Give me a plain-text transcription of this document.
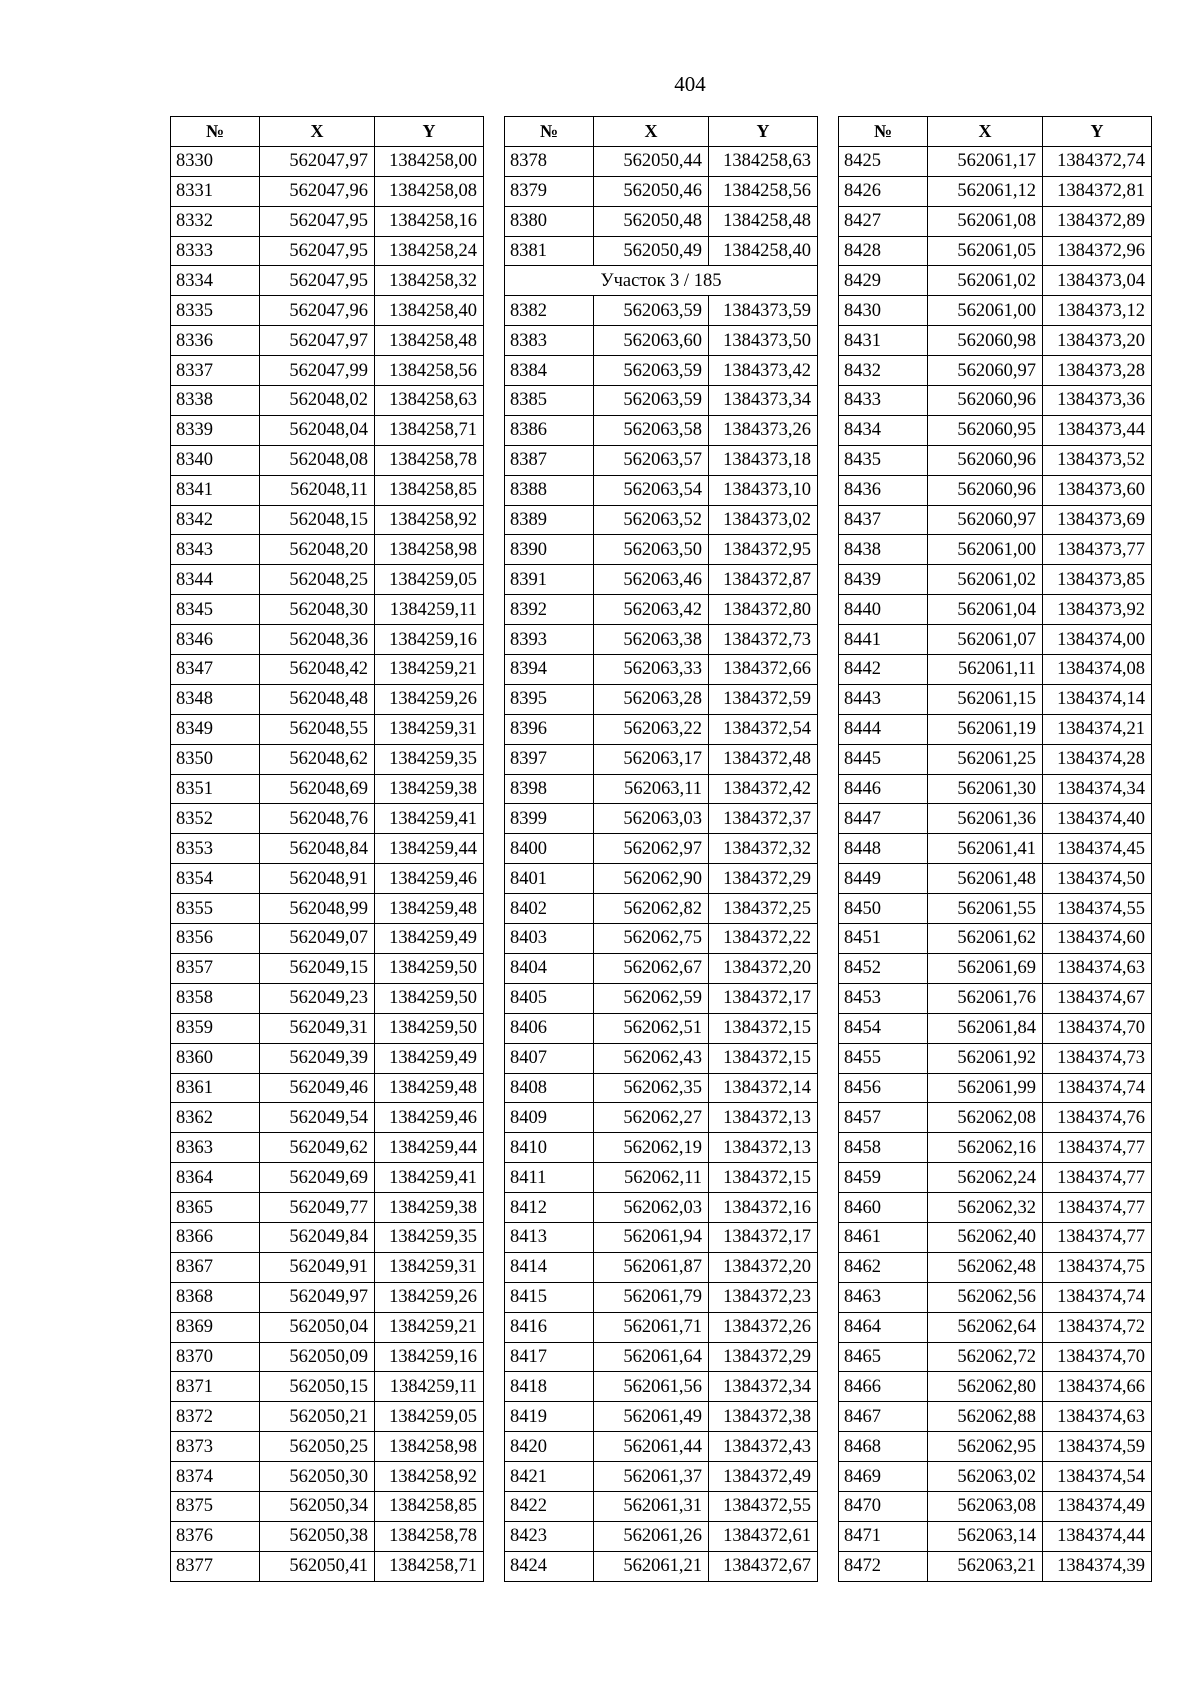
404
№	X	Y
8330	562047,97	1384258,00
8331	562047,96	1384258,08
8332	562047,95	1384258,16
8333	562047,95	1384258,24
8334	562047,95	1384258,32
8335	562047,96	1384258,40
8336	562047,97	1384258,48
8337	562047,99	1384258,56
8338	562048,02	1384258,63
8339	562048,04	1384258,71
8340	562048,08	1384258,78
8341	562048,11	1384258,85
8342	562048,15	1384258,92
8343	562048,20	1384258,98
8344	562048,25	1384259,05
8345	562048,30	1384259,11
8346	562048,36	1384259,16
8347	562048,42	1384259,21
8348	562048,48	1384259,26
8349	562048,55	1384259,31
8350	562048,62	1384259,35
8351	562048,69	1384259,38
8352	562048,76	1384259,41
8353	562048,84	1384259,44
8354	562048,91	1384259,46
8355	562048,99	1384259,48
8356	562049,07	1384259,49
8357	562049,15	1384259,50
8358	562049,23	1384259,50
8359	562049,31	1384259,50
8360	562049,39	1384259,49
8361	562049,46	1384259,48
8362	562049,54	1384259,46
8363	562049,62	1384259,44
8364	562049,69	1384259,41
8365	562049,77	1384259,38
8366	562049,84	1384259,35
8367	562049,91	1384259,31
8368	562049,97	1384259,26
8369	562050,04	1384259,21
8370	562050,09	1384259,16
8371	562050,15	1384259,11
8372	562050,21	1384259,05
8373	562050,25	1384258,98
8374	562050,30	1384258,92
8375	562050,34	1384258,85
8376	562050,38	1384258,78
8377	562050,41	1384258,71
№	X	Y
8378	562050,44	1384258,63
8379	562050,46	1384258,56
8380	562050,48	1384258,48
8381	562050,49	1384258,40
Участок 3 / 185		
8382	562063,59	1384373,59
8383	562063,60	1384373,50
8384	562063,59	1384373,42
8385	562063,59	1384373,34
8386	562063,58	1384373,26
8387	562063,57	1384373,18
8388	562063,54	1384373,10
8389	562063,52	1384373,02
8390	562063,50	1384372,95
8391	562063,46	1384372,87
8392	562063,42	1384372,80
8393	562063,38	1384372,73
8394	562063,33	1384372,66
8395	562063,28	1384372,59
8396	562063,22	1384372,54
8397	562063,17	1384372,48
8398	562063,11	1384372,42
8399	562063,03	1384372,37
8400	562062,97	1384372,32
8401	562062,90	1384372,29
8402	562062,82	1384372,25
8403	562062,75	1384372,22
8404	562062,67	1384372,20
8405	562062,59	1384372,17
8406	562062,51	1384372,15
8407	562062,43	1384372,15
8408	562062,35	1384372,14
8409	562062,27	1384372,13
8410	562062,19	1384372,13
8411	562062,11	1384372,15
8412	562062,03	1384372,16
8413	562061,94	1384372,17
8414	562061,87	1384372,20
8415	562061,79	1384372,23
8416	562061,71	1384372,26
8417	562061,64	1384372,29
8418	562061,56	1384372,34
8419	562061,49	1384372,38
8420	562061,44	1384372,43
8421	562061,37	1384372,49
8422	562061,31	1384372,55
8423	562061,26	1384372,61
8424	562061,21	1384372,67
№	X	Y
8425	562061,17	1384372,74
8426	562061,12	1384372,81
8427	562061,08	1384372,89
8428	562061,05	1384372,96
8429	562061,02	1384373,04
8430	562061,00	1384373,12
8431	562060,98	1384373,20
8432	562060,97	1384373,28
8433	562060,96	1384373,36
8434	562060,95	1384373,44
8435	562060,96	1384373,52
8436	562060,96	1384373,60
8437	562060,97	1384373,69
8438	562061,00	1384373,77
8439	562061,02	1384373,85
8440	562061,04	1384373,92
8441	562061,07	1384374,00
8442	562061,11	1384374,08
8443	562061,15	1384374,14
8444	562061,19	1384374,21
8445	562061,25	1384374,28
8446	562061,30	1384374,34
8447	562061,36	1384374,40
8448	562061,41	1384374,45
8449	562061,48	1384374,50
8450	562061,55	1384374,55
8451	562061,62	1384374,60
8452	562061,69	1384374,63
8453	562061,76	1384374,67
8454	562061,84	1384374,70
8455	562061,92	1384374,73
8456	562061,99	1384374,74
8457	562062,08	1384374,76
8458	562062,16	1384374,77
8459	562062,24	1384374,77
8460	562062,32	1384374,77
8461	562062,40	1384374,77
8462	562062,48	1384374,75
8463	562062,56	1384374,74
8464	562062,64	1384374,72
8465	562062,72	1384374,70
8466	562062,80	1384374,66
8467	562062,88	1384374,63
8468	562062,95	1384374,59
8469	562063,02	1384374,54
8470	562063,08	1384374,49
8471	562063,14	1384374,44
8472	562063,21	1384374,39
